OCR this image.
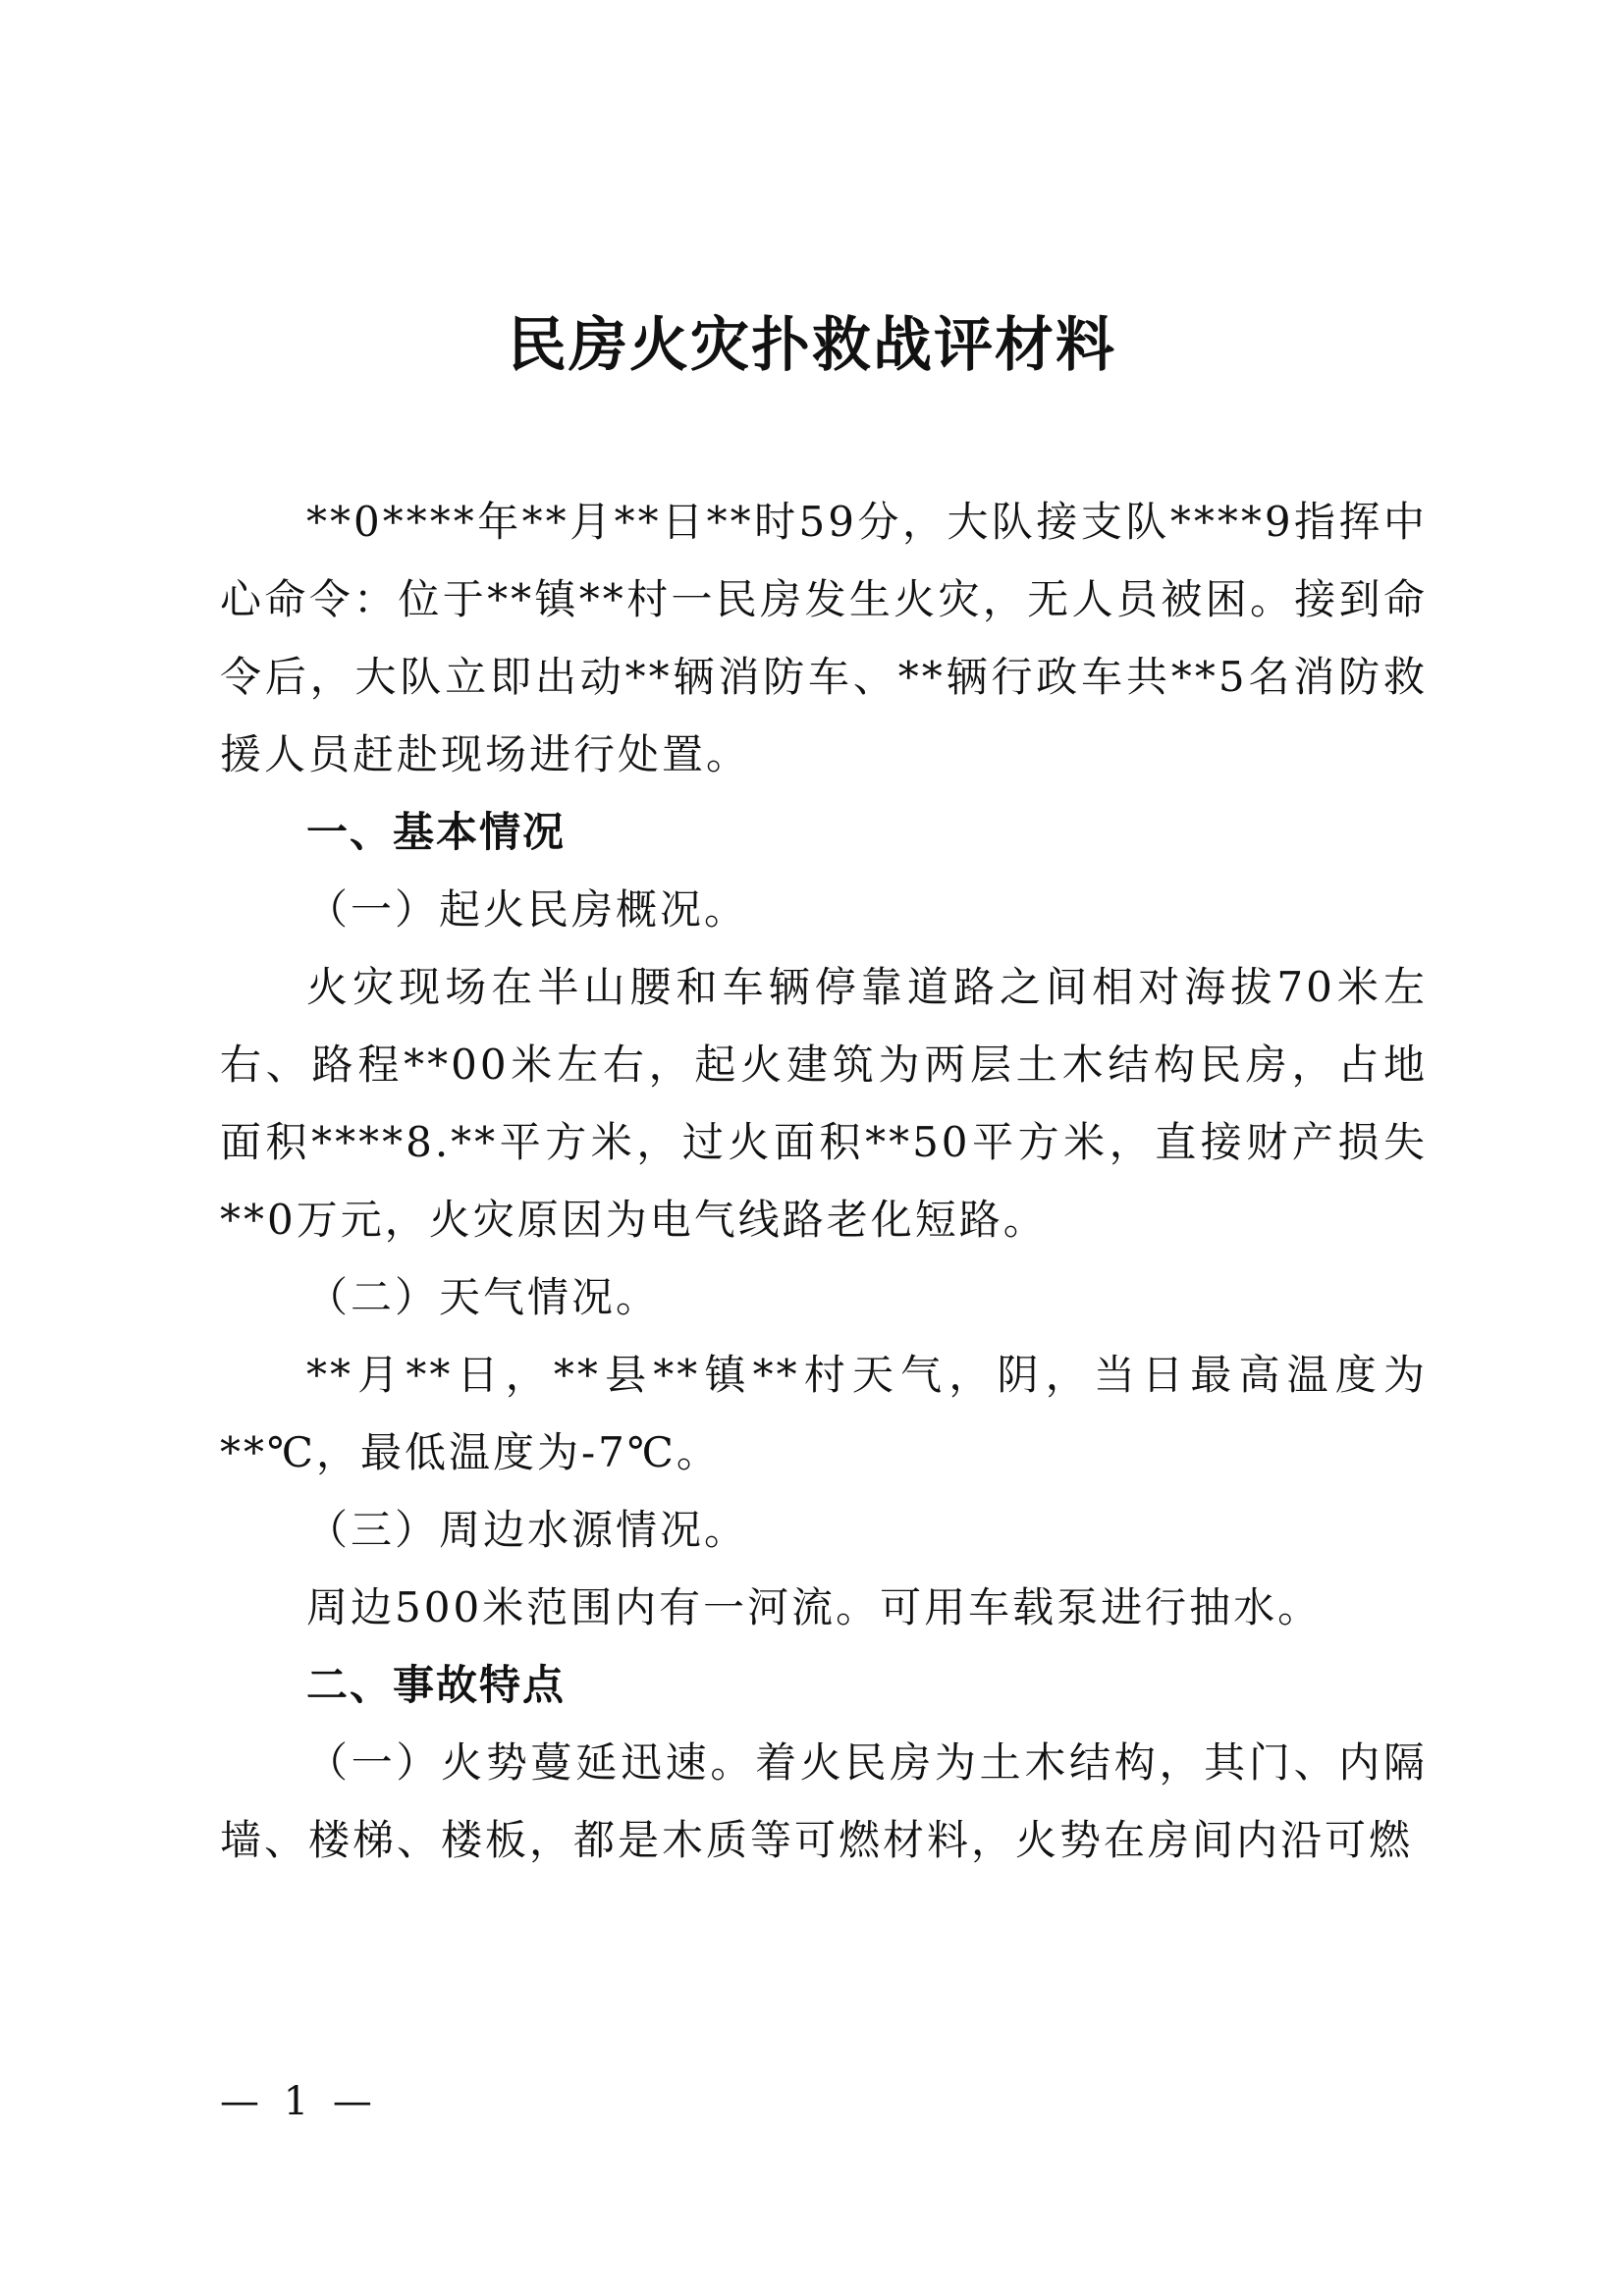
民房火灾扑救战评材料

**0****年**月**日**时59分，大队接支队****9指挥中心命令：位于**镇**村一民房发生火灾，无人员被困。接到命令后，大队立即出动**辆消防车、**辆行政车共**5名消防救援人员赶赴现场进行处置。

一、基本情况

（一）起火民房概况。

火灾现场在半山腰和车辆停靠道路之间相对海拔70米左右、路程**00米左右，起火建筑为两层土木结构民房，占地面积****8.**平方米，过火面积**50平方米，直接财产损失**0万元，火灾原因为电气线路老化短路。

（二）天气情况。

**月**日，**县**镇**村天气，阴，当日最高温度为**℃，最低温度为-7℃。

（三）周边水源情况。

周边500米范围内有一河流。可用车载泵进行抽水。

二、事故特点

（一）火势蔓延迅速。着火民房为土木结构，其门、内隔墙、楼梯、楼板，都是木质等可燃材料，火势在房间内沿可燃

— 1 —
